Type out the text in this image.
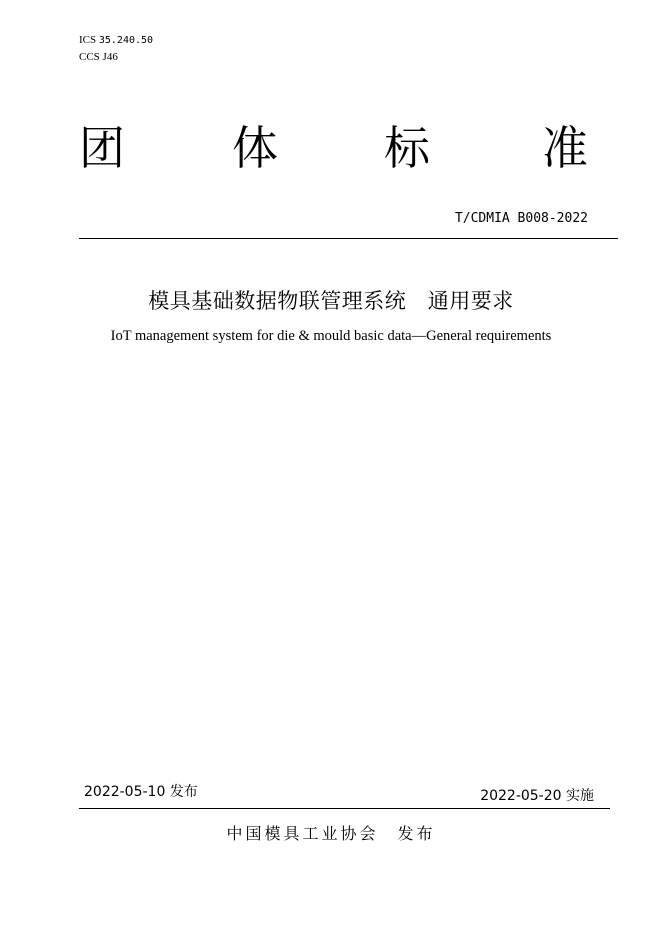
ICS 35.240.50
CCS J46
团 体 标 准
T/CDMIA B008-2022
模具基础数据物联管理系统　通用要求
IoT management system for die & mould basic data—General requirements
2022-05-10 发布	2022-05-20 实施
中国模具工业协会　发布
